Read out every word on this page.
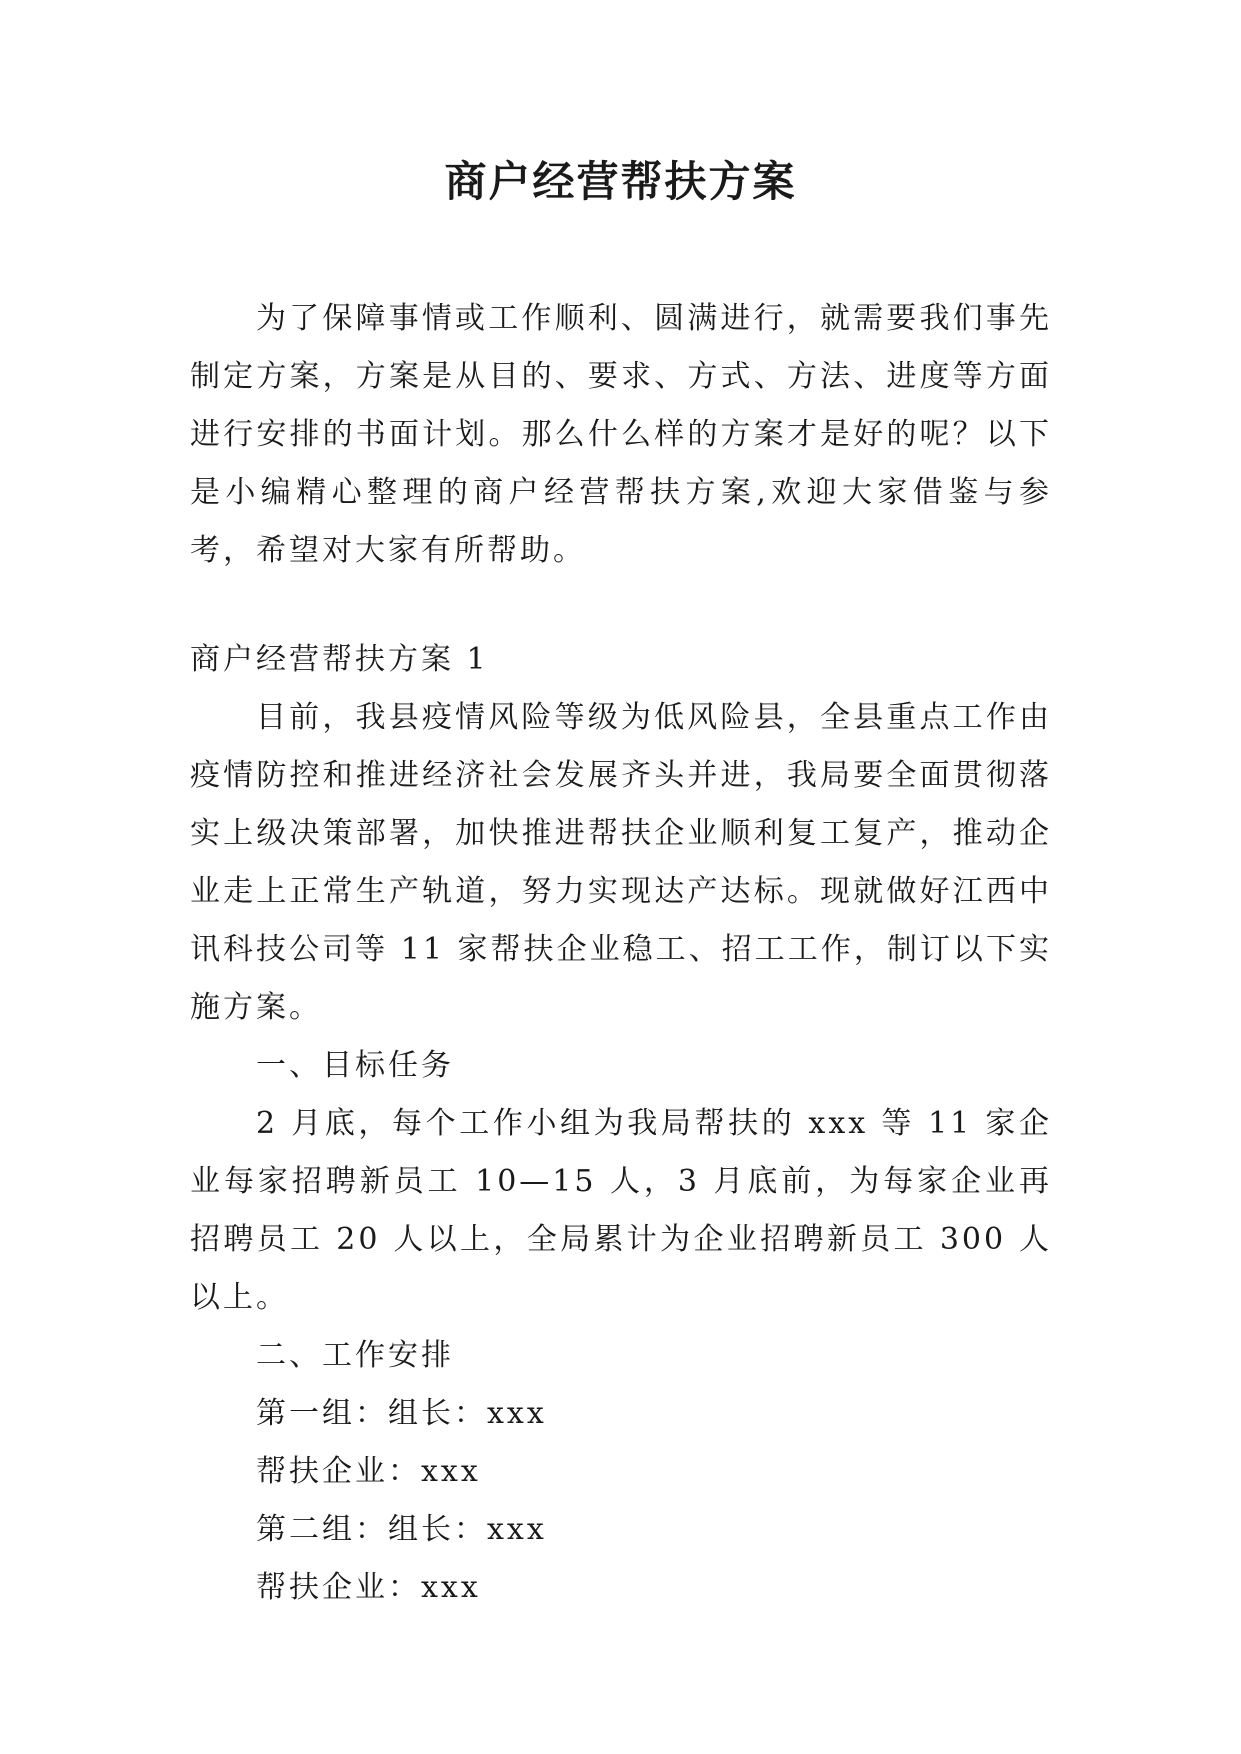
商户经营帮扶方案

为了保障事情或工作顺利、圆满进行，就需要我们事先制定方案，方案是从目的、要求、方式、方法、进度等方面进行安排的书面计划。那么什么样的方案才是好的呢？以下是小编精心整理的商户经营帮扶方案,欢迎大家借鉴与参考，希望对大家有所帮助。

商户经营帮扶方案 1

目前，我县疫情风险等级为低风险县，全县重点工作由疫情防控和推进经济社会发展齐头并进，我局要全面贯彻落实上级决策部署，加快推进帮扶企业顺利复工复产，推动企业走上正常生产轨道，努力实现达产达标。现就做好江西中讯科技公司等 11 家帮扶企业稳工、招工工作，制订以下实施方案。

一、目标任务

2 月底，每个工作小组为我局帮扶的 xxx 等 11 家企业每家招聘新员工 10—15 人，3 月底前，为每家企业再招聘员工 20 人以上，全局累计为企业招聘新员工 300 人以上。

二、工作安排

第一组：组长：xxx

帮扶企业：xxx

第二组：组长：xxx

帮扶企业：xxx
